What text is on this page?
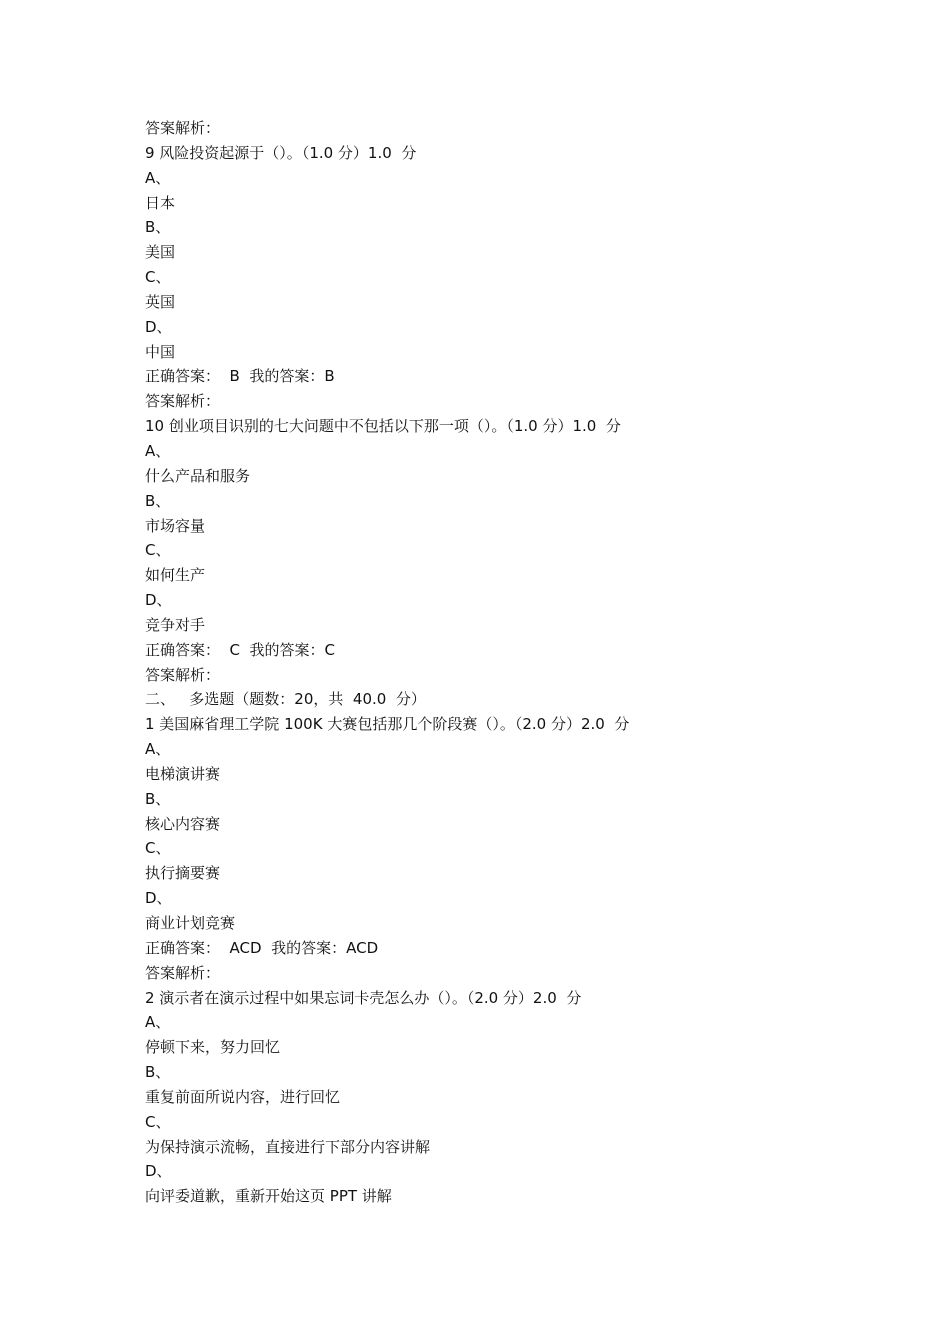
答案解析：
9 风险投资起源于（）。（1.0 分）1.0  分
A、
日本
B、
美国
C、
英国
D、
中国
正确答案：  B  我的答案：B
答案解析：
10 创业项目识别的七大问题中不包括以下那一项（）。（1.0 分）1.0  分
A、
什么产品和服务
B、
市场容量
C、
如何生产
D、
竞争对手
正确答案：  C  我的答案：C
答案解析：
二、   多选题（题数：20，共  40.0  分）
1 美国麻省理工学院 100K 大赛包括那几个阶段赛（）。（2.0 分）2.0  分
A、
电梯演讲赛
B、
核心内容赛
C、
执行摘要赛
D、
商业计划竞赛
正确答案：  ACD  我的答案：ACD
答案解析：
2 演示者在演示过程中如果忘词卡壳怎么办（）。（2.0 分）2.0  分
A、
停顿下来，努力回忆
B、
重复前面所说内容，进行回忆
C、
为保持演示流畅，直接进行下部分内容讲解
D、
向评委道歉，重新开始这页 PPT 讲解
